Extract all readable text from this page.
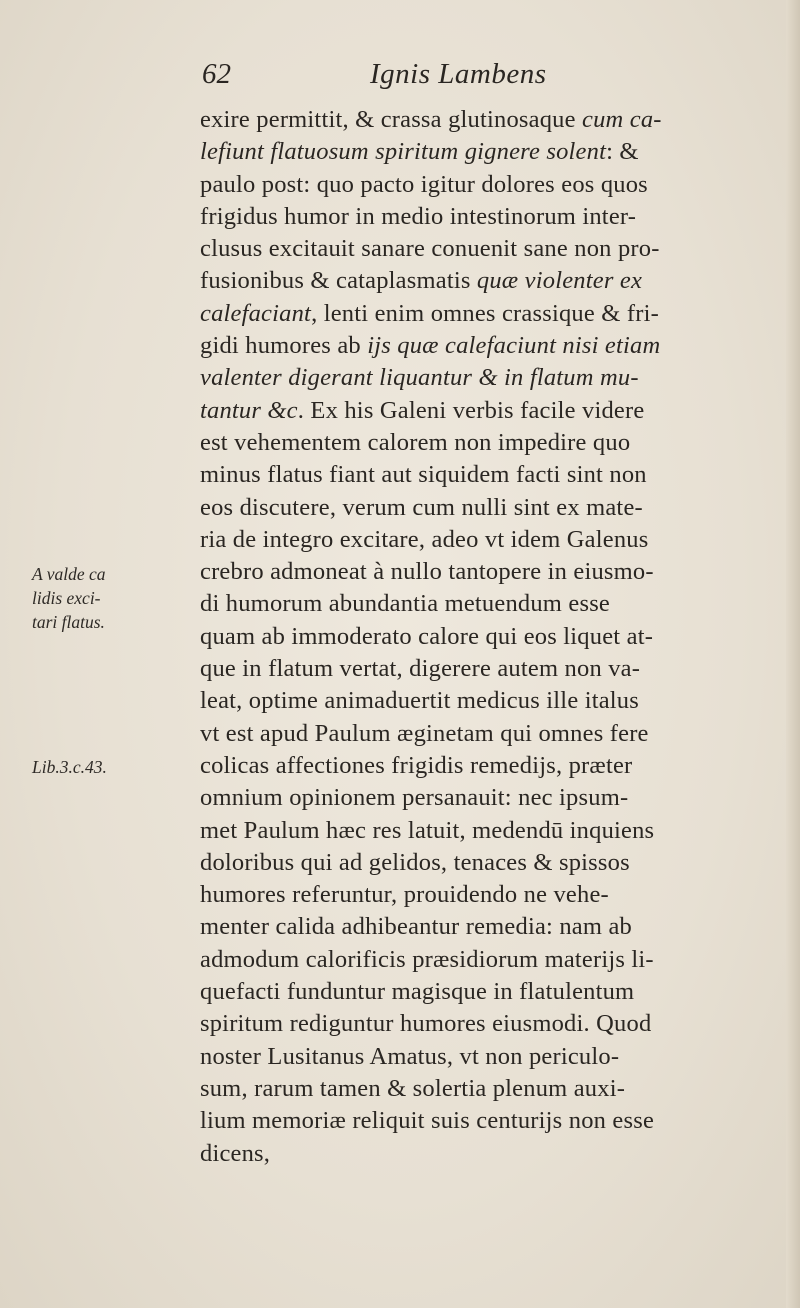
62	Ignis Lambens
exire permittit, & crassa glutinosaque cum ca-
lefiunt flatuosum spiritum gignere solent: &
paulo post: quo pacto igitur dolores eos quos
frigidus humor in medio intestinorum inter-
clusus excitauit sanare conuenit sane non pro-
fusionibus & cataplasmatis quæ violenter ex
calefaciant, lenti enim omnes crassique & fri-
gidi humores ab ijs quæ calefaciunt nisi etiam
valenter digerant liquantur & in flatum mu-
tantur &c. Ex his Galeni verbis facile videre
est vehementem calorem non impedire quo
minus flatus fiant aut siquidem facti sint non
eos discutere, verum cum nulli sint ex mate-
ria de integro excitare, adeo vt idem Galenus
crebro admoneat à nullo tantopere in eiusmo-
di humorum abundantia metuendum esse
quam ab immoderato calore qui eos liquet at-
que in flatum vertat, digerere autem non va-
leat, optime animaduertit medicus ille italus
vt est apud Paulum æginetam qui omnes fere
colicas affectiones frigidis remedijs, præter
omnium opinionem persanauit: nec ipsum-
met Paulum hæc res latuit, medendū inquiens
doloribus qui ad gelidos, tenaces & spissos
humores referuntur, prouidendo ne vehe-
menter calida adhibeantur remedia: nam ab
admodum calorificis præsidiorum materijs li-
quefacti funduntur magisque in flatulentum
spiritum rediguntur humores eiusmodi. Quod
noster Lusitanus Amatus, vt non periculo-
sum, rarum tamen & solertia plenum auxi-
lium memoriæ reliquit suis centurijs non esse
dicens,
A valde ca
lidis exci-
tari flatus.
Lib.3.c.43.
